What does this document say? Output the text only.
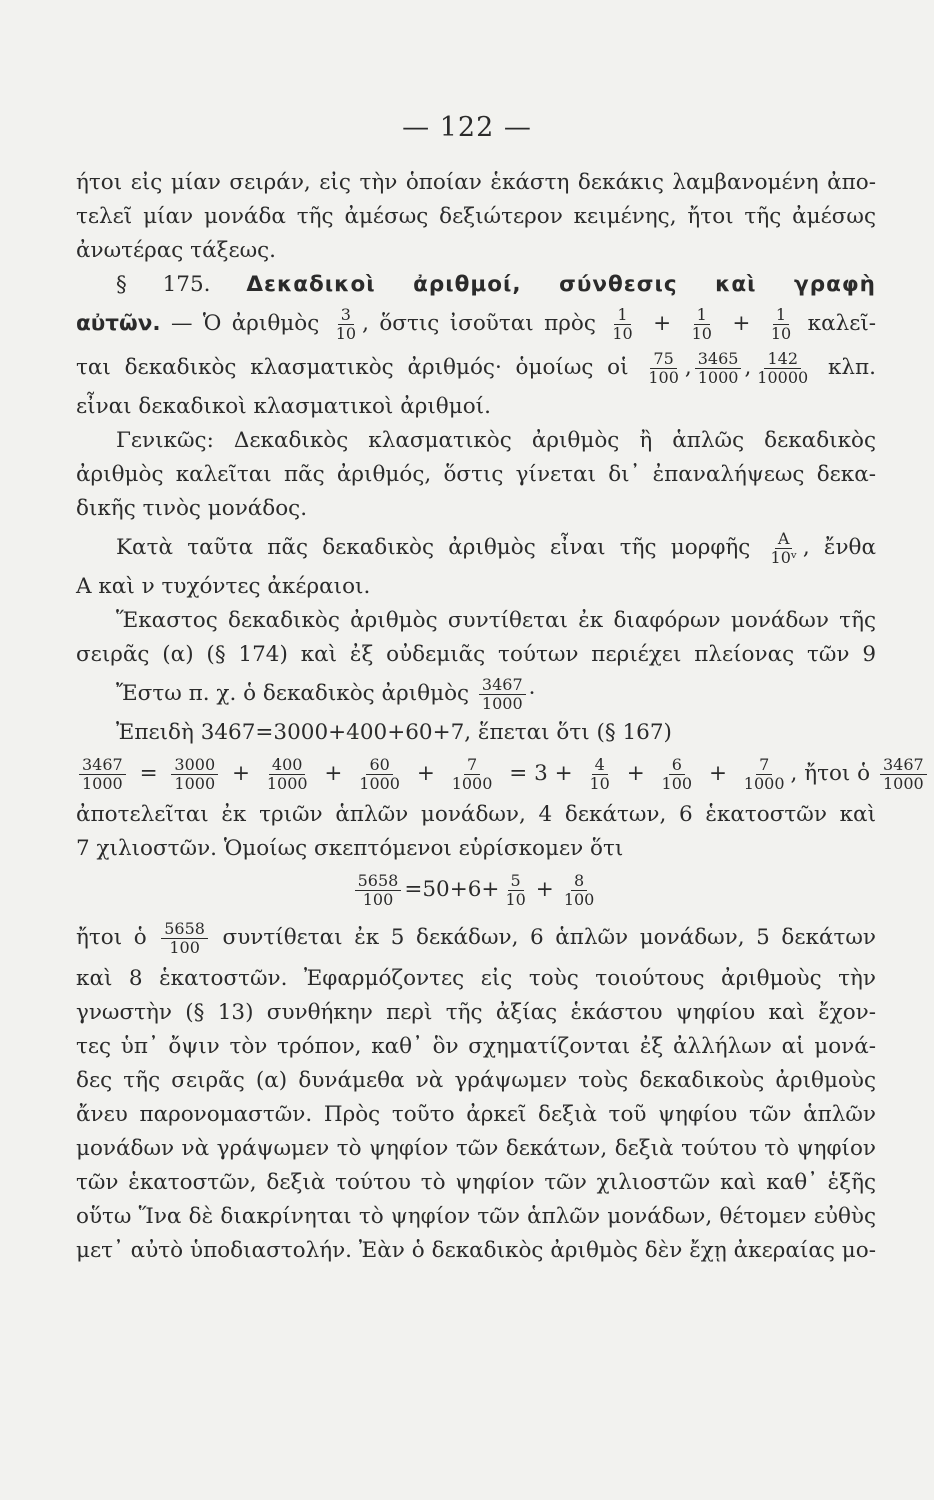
— 122 —
ήτοι εἰς μίαν σειράν, εἰς τὴν ὁποίαν ἑκάστη δεκάκις λαμβανομένη ἀπο-
τελεῖ μίαν μονάδα τῆς ἀμέσως δεξιώτερον κειμένης, ἤτοι τῆς ἀμέσως
ἀνωτέρας τάξεως.
§ 175. Δεκαδικοὶ ἀριθμοί, σύνθεσις καὶ γραφὴ
αὐτῶν. — Ὁ ἀριθμὸς $\frac{3}{10}$ , ὅστις ἰσοῦται πρὸς $\frac{1}{10} + \frac{1}{10} + \frac{1}{10}$ καλεῖ-
ται δεκαδικὸς κλασματικὸς ἀριθμός· ὁμοίως οἱ $\frac{75}{100}$ , $\frac{3465}{1000}$ , $\frac{142}{10000} \kappa\lambda\pi$.
εἶναι δεκαδικοὶ κλασματικοὶ ἀριθμοί.
Γενικῶς: Δεκαδικὸς κλασματικὸς ἀριθμὸς ἢ ἁπλῶς δεκαδικὸς
ἀριθμὸς καλεῖται πᾶς ἀριθμός, ὅστις γίνεται δι᾽ ἐπαναλήψεως δεκα-
δικῆς τινὸς μονάδος.
Κατὰ ταῦτα πᾶς δεκαδικὸς ἀριθμὸς εἶναι τῆς μορφῆς $\frac{A}{\text{10ᵛ}}$ , ἔνθα
Α καὶ ν τυχόντες ἀκέραιοι.
Ἕκαστος δεκαδικὸς ἀριθμὸς συντίθεται ἐκ διαφόρων μονάδων τῆς
σειρᾶς (α) (§ 174) καὶ ἐξ οὐδεμιᾶς τούτων περιέχει πλείονας τῶν 9
Ἔστω π. χ. ὁ δεκαδικὸς ἀριθμὸς $\frac{3467}{1000}$ ·
Ἐπειδὴ 3467=3000+400+60+7, ἕπεται ὅτι (§ 167)
$\frac{3467}{1000} = \frac{3000}{1000} + \frac{400}{1000} + \frac{60}{1000} + \frac{7}{1000} = 3 + \frac{4}{10} + \frac{6}{100} + \frac{7}{1000}$ , ἤτοι ὁ $\frac{3467}{1000}$
ἀποτελεῖται ἐκ τριῶν ἁπλῶν μονάδων, 4 δεκάτων, 6 ἑκατοστῶν καὶ
7 χιλιοστῶν. Ὁμοίως σκεπτόμενοι εὑρίσκομεν ὅτι
$\frac{5658}{100} =50+6+ \frac{5}{10} + \frac{8}{100}$
ἤτοι ὁ $\frac{5658}{100}$ συντίθεται ἐκ 5 δεκάδων, 6 ἁπλῶν μονάδων, 5 δεκάτων
καὶ 8 ἑκατοστῶν. Ἐφαρμόζοντες εἰς τοὺς τοιούτους ἀριθμοὺς τὴν
γνωστὴν (§ 13) συνθήκην περὶ τῆς ἀξίας ἑκάστου ψηφίου καὶ ἔχον-
τες ὑπ᾽ ὄψιν τὸν τρόπον, καθ᾽ ὃν σχηματίζονται ἐξ ἀλλήλων αἱ μονά-
δες τῆς σειρᾶς (α) δυνάμεθα νὰ γράψωμεν τοὺς δεκαδικοὺς ἀριθμοὺς
ἄνευ παρονομαστῶν. Πρὸς τοῦτο ἀρκεῖ δεξιὰ τοῦ ψηφίου τῶν ἁπλῶν
μονάδων νὰ γράψωμεν τὸ ψηφίον τῶν δεκάτων, δεξιὰ τούτου τὸ ψηφίον
τῶν ἑκατοστῶν, δεξιὰ τούτου τὸ ψηφίον τῶν χιλιοστῶν καὶ καθ᾽ ἑξῆς
οὕτω Ἵνα δὲ διακρίνηται τὸ ψηφίον τῶν ἁπλῶν μονάδων, θέτομεν εὐθὺς
μετ᾽ αὐτὸ ὑποδιαστολήν. Ἐὰν ὁ δεκαδικὸς ἀριθμὸς δὲν ἔχῃ ἀκεραίας μο-
